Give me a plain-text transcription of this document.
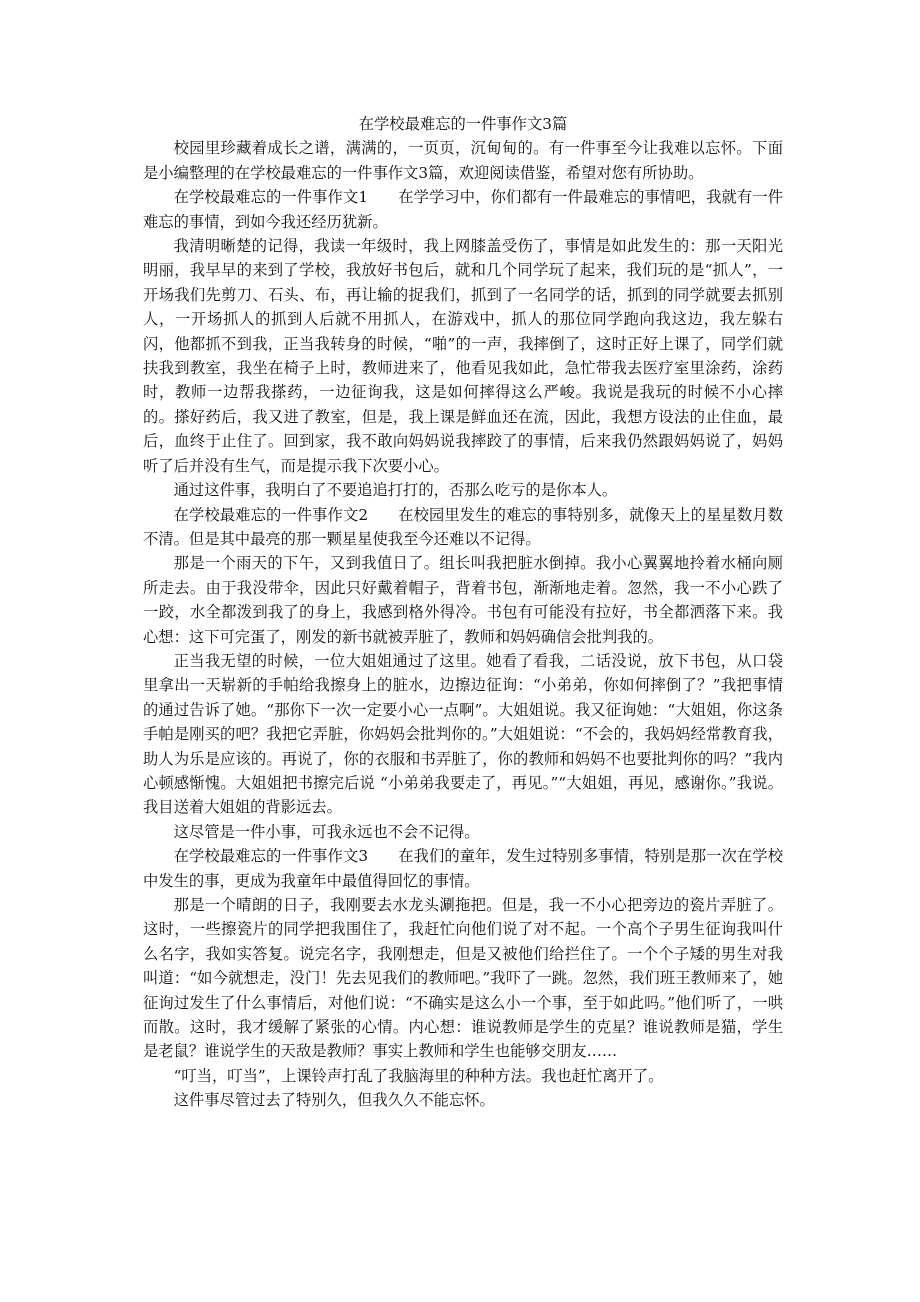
在学校最难忘的一件事作文3篇

校园里珍藏着成长之谱，满满的，一页页，沉甸甸的。有一件事至今让我难以忘怀。下面是小编整理的在学校最难忘的一件事作文3篇，欢迎阅读借鉴，希望对您有所协助。

在学校最难忘的一件事作文1 在学学习中，你们都有一件最难忘的事情吧，我就有一件难忘的事情，到如今我还经历犹新。

我清明晰楚的记得，我读一年级时，我上网膝盖受伤了，事情是如此发生的：那一天阳光明丽，我早早的来到了学校，我放好书包后，就和几个同学玩了起来，我们玩的是“抓人”，一开场我们先剪刀、石头、布，再让输的捉我们，抓到了一名同学的话，抓到的同学就要去抓别人，一开场抓人的抓到人后就不用抓人，在游戏中，抓人的那位同学跑向我这边，我左躲右闪，他都抓不到我，正当我转身的时候，“啪”的一声，我摔倒了，这时正好上课了，同学们就扶我到教室，我坐在椅子上时，教师进来了，他看见我如此，急忙带我去医疗室里涂药，涂药时，教师一边帮我搽药，一边征询我，这是如何摔得这么严峻。我说是我玩的时候不小心摔的。搽好药后，我又进了教室，但是，我上课是鲜血还在流，因此，我想方设法的止住血，最后，血终于止住了。回到家，我不敢向妈妈说我摔跤了的事情，后来我仍然跟妈妈说了，妈妈听了后并没有生气，而是提示我下次要小心。

通过这件事，我明白了不要追追打打的，否那么吃亏的是你本人。

在学校最难忘的一件事作文2 在校园里发生的难忘的事特别多，就像天上的星星数月数不清。但是其中最亮的那一颗星星使我至今还难以不记得。

那是一个雨天的下午，又到我值日了。组长叫我把脏水倒掉。我小心翼翼地拎着水桶向厕所走去。由于我没带伞，因此只好戴着帽子，背着书包，渐渐地走着。忽然，我一不小心跌了一跤，水全都泼到我了的身上，我感到格外得冷。书包有可能没有拉好，书全都洒落下来。我心想：这下可完蛋了，刚发的新书就被弄脏了，教师和妈妈确信会批判我的。

正当我无望的时候，一位大姐姐通过了这里。她看了看我，二话没说，放下书包，从口袋里拿出一天崭新的手帕给我擦身上的脏水，边擦边征询：“小弟弟，你如何摔倒了？”我把事情的通过告诉了她。“那你下一次一定要小心一点啊”。大姐姐说。我又征询她：“大姐姐，你这条手帕是刚买的吧？我把它弄脏，你妈妈会批判你的。”大姐姐说：“不会的，我妈妈经常教育我，助人为乐是应该的。再说了，你的衣服和书弄脏了，你的教师和妈妈不也要批判你的吗？”我内心顿感惭愧。大姐姐把书擦完后说 “小弟弟我要走了，再见。”“大姐姐，再见，感谢你。”我说。我目送着大姐姐的背影远去。

这尽管是一件小事，可我永远也不会不记得。

在学校最难忘的一件事作文3 在我们的童年，发生过特别多事情，特别是那一次在学校中发生的事，更成为我童年中最值得回忆的事情。

那是一个晴朗的日子，我刚要去水龙头涮拖把。但是，我一不小心把旁边的瓷片弄脏了。这时，一些擦瓷片的同学把我围住了，我赶忙向他们说了对不起。一个高个子男生征询我叫什么名字，我如实答复。说完名字，我刚想走，但是又被他们给拦住了。一个个子矮的男生对我叫道：“如今就想走，没门！先去见我们的教师吧。”我吓了一跳。忽然，我们班王教师来了，她征询过发生了什么事情后，对他们说：“不确实是这么小一个事，至于如此吗。”他们听了，一哄而散。这时，我才缓解了紧张的心情。内心想：谁说教师是学生的克星？谁说教师是猫，学生是老鼠？谁说学生的天敌是教师？事实上教师和学生也能够交朋友……

“叮当，叮当”，上课铃声打乱了我脑海里的种种方法。我也赶忙离开了。

这件事尽管过去了特别久，但我久久不能忘怀。
